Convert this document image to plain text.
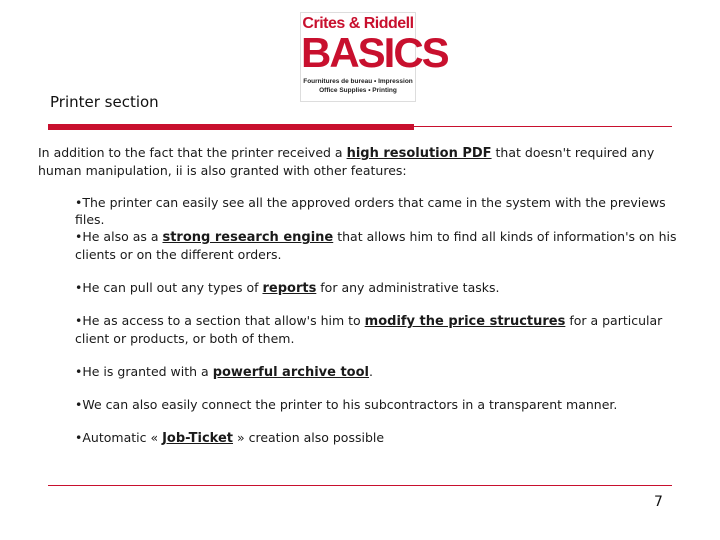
Crites & Riddell
BASICS
Fournitures de bureau • Impression
Office Supplies • Printing
Printer section

In addition to the fact that the printer received a high resolution PDF that doesn't required any human manipulation, ii is also granted with other features:

•The printer can easily see all the approved orders that came in the system with the previews files.
•He also as a strong research engine that allows him to find all kinds of information's on his clients or on the different orders.
•He can pull out any types of reports for any administrative tasks.
•He as access to a section that allow's him to modify the price structures for a particular client or products, or both of them.
•He is granted with a powerful archive tool.
•We can also easily connect the printer to his subcontractors in a transparent manner.
•Automatic « Job-Ticket » creation also possible
7
